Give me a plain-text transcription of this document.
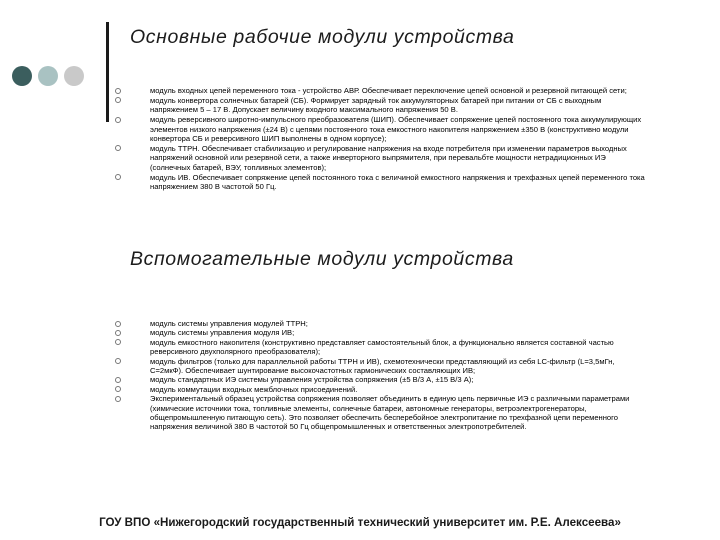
Основные рабочие модули устройства
модуль входных цепей переменного тока - устройство АВР. Обеспечивает переключение цепей основной и резервной питающей сети;
модуль конвертора солнечных батарей (СБ). Формирует зарядный ток аккумуляторных батарей при питании от СБ с выходным напряжением 5 – 17 В. Допускает величину входного максимального напряжения 50 В.
модуль реверсивного широтно-импульсного преобразователя (ШИП). Обеспечивает сопряжение цепей постоянного тока аккумулирующих элементов низкого напряжения (±24 В) с цепями постоянного тока емкостного накопителя напряжением ±350 В (конструктивно модули конвертора СБ и реверсивного ШИП выполнены в одном корпусе);
модуль ТТРН. Обеспечивает стабилизацию и регулирование напряжения на входе потребителя при изменении параметров выходных напряжений основной или резервной сети, а также инверторного выпрямителя, при перевальбте мощности нетрадиционных ИЭ (солнечных батарей, ВЭУ, топливных элементов);
модуль ИВ. Обеспечивает сопряжение цепей постоянного тока с величиной емкостного напряжения и трехфазных цепей переменного тока напряжением 380 В частотой 50 Гц.
Вспомогательные модули устройства
модуль системы управления модулей ТТРН;
модуль системы управления модуля ИВ;
модуль емкостного накопителя (конструктивно представляет самостоятельный блок, а функционально является составной частью реверсивного двухполярного преобразователя);
модуль фильтров (только для параллельной работы ТТРН и ИВ), схемотехнически представляющий из себя LC-фильтр (L=3,5мГн, С=2мкФ). Обеспечивает шунтирование высокочастотных гармонических составляющих ИВ;
модуль стандартных ИЭ системы управления устройства сопряжения (±5 В/3 А, ±15 В/3 А);
модуль коммутации входных межблочных присоединений.
Экспериментальный образец устройства сопряжения позволяет объединить в единую цепь первичные ИЭ с различными параметрами (химические источники тока, топливные элементы, солнечные батареи, автономные генераторы, ветроэлектрогенераторы, общепромышленную питающую сеть). Это позволяет обеспечить бесперебойное электропитание по трехфазной цепи переменного напряжения величиной 380 В частотой 50 Гц общепромышленных и ответственных электропотребителей.

ГОУ ВПО «Нижегородский государственный технический университет им. Р.Е. Алексеева»
